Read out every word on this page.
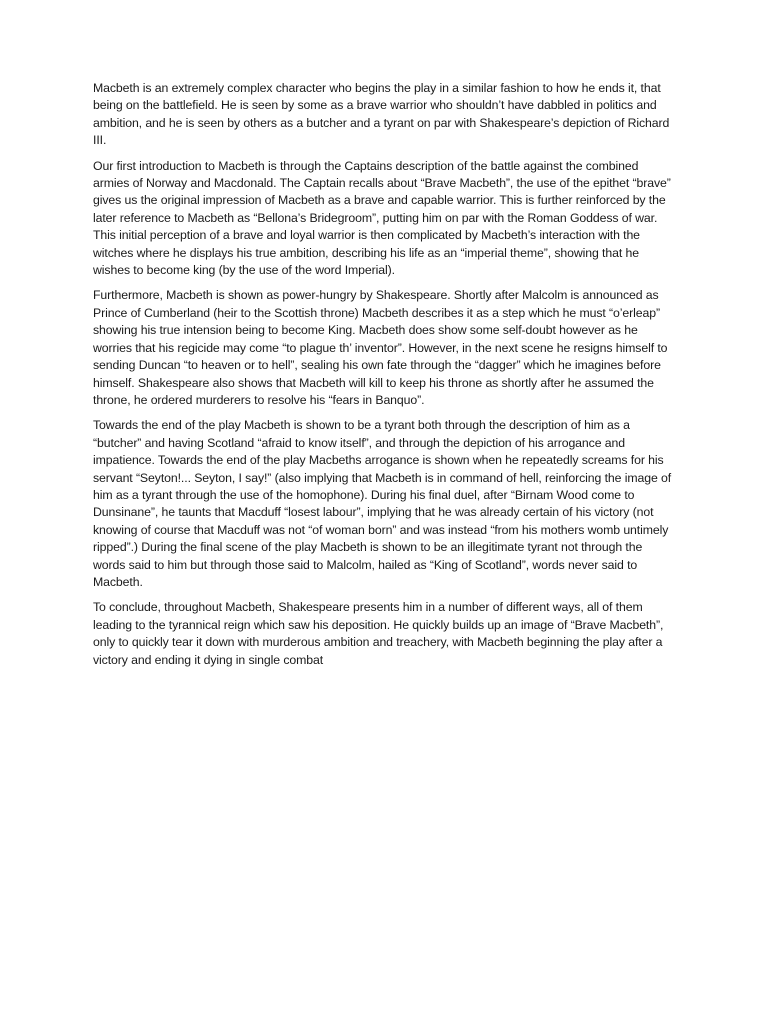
Macbeth is an extremely complex character who begins the play in a similar fashion to how he ends it, that being on the battlefield. He is seen by some as a brave warrior who shouldn’t have dabbled in politics and ambition, and he is seen by others as a butcher and a tyrant on par with Shakespeare’s depiction of Richard III.

Our first introduction to Macbeth is through the Captains description of the battle against the combined armies of Norway and Macdonald. The Captain recalls about “Brave Macbeth”, the use of the epithet “brave” gives us the original impression of Macbeth as a brave and capable warrior. This is further reinforced by the later reference to Macbeth as “Bellona’s Bridegroom”, putting him on par with the Roman Goddess of war. This initial perception of a brave and loyal warrior is then complicated by Macbeth’s interaction with the witches where he displays his true ambition, describing his life as an “imperial theme”, showing that he wishes to become king (by the use of the word Imperial).

Furthermore, Macbeth is shown as power-hungry by Shakespeare. Shortly after Malcolm is announced as Prince of Cumberland (heir to the Scottish throne) Macbeth describes it as a step which he must “o’erleap” showing his true intension being to become King. Macbeth does show some self-doubt however as he worries that his regicide may come “to plague th’ inventor”. However, in the next scene he resigns himself to sending Duncan “to heaven or to hell”, sealing his own fate through the “dagger” which he imagines before himself. Shakespeare also shows that Macbeth will kill to keep his throne as shortly after he assumed the throne, he ordered murderers to resolve his “fears in Banquo”.

Towards the end of the play Macbeth is shown to be a tyrant both through the description of him as a “butcher” and having Scotland “afraid to know itself”, and through the depiction of his arrogance and impatience. Towards the end of the play Macbeths arrogance is shown when he repeatedly screams for his servant “Seyton!... Seyton, I say!” (also implying that Macbeth is in command of hell, reinforcing the image of him as a tyrant through the use of the homophone). During his final duel, after “Birnam Wood come to Dunsinane”, he taunts that Macduff “losest labour”, implying that he was already certain of his victory (not knowing of course that Macduff was not “of woman born” and was instead “from his mothers womb untimely ripped”.) During the final scene of the play Macbeth is shown to be an illegitimate tyrant not through the words said to him but through those said to Malcolm, hailed as “King of Scotland”, words never said to Macbeth.

To conclude, throughout Macbeth, Shakespeare presents him in a number of different ways, all of them leading to the tyrannical reign which saw his deposition. He quickly builds up an image of “Brave Macbeth”, only to quickly tear it down with murderous ambition and treachery, with Macbeth beginning the play after a victory and ending it dying in single combat
